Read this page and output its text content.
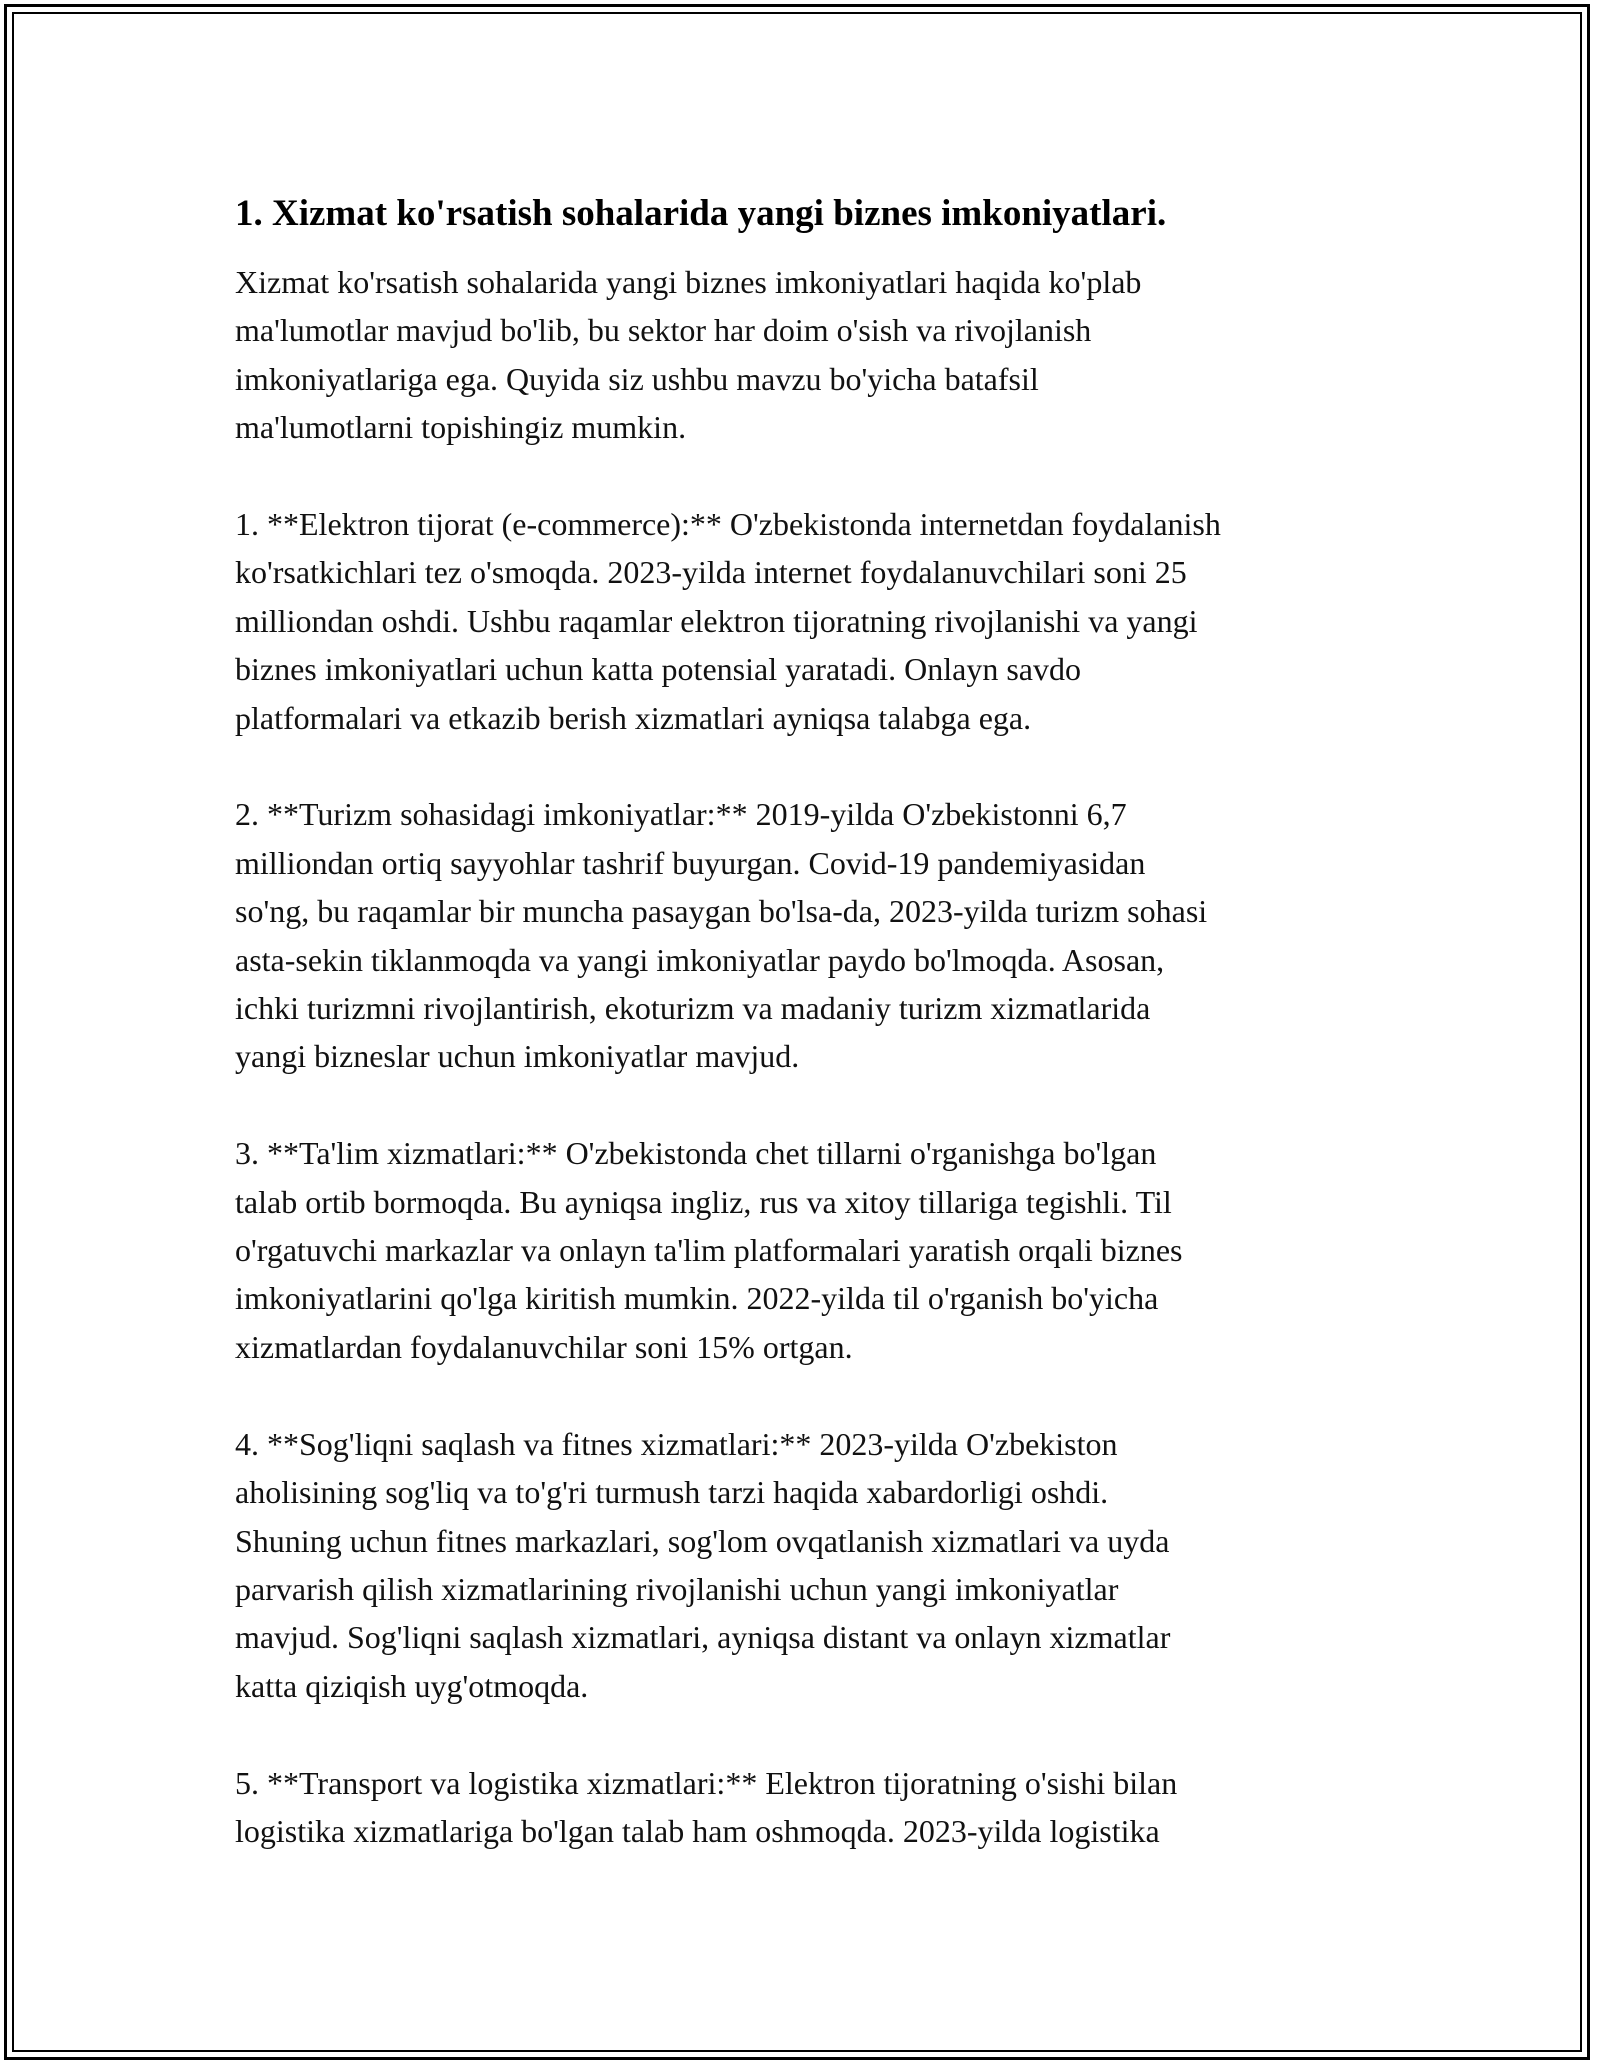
1. Xizmat ko'rsatish sohalarida yangi biznes imkoniyatlari.
Xizmat ko'rsatish sohalarida yangi biznes imkoniyatlari haqida ko'plab
ma'lumotlar mavjud bo'lib, bu sektor har doim o'sish va rivojlanish
imkoniyatlariga ega. Quyida siz ushbu mavzu bo'yicha batafsil
ma'lumotlarni topishingiz mumkin.
1. **Elektron tijorat (e-commerce):** O'zbekistonda internetdan foydalanish
ko'rsatkichlari tez o'smoqda. 2023-yilda internet foydalanuvchilari soni 25
milliondan oshdi. Ushbu raqamlar elektron tijoratning rivojlanishi va yangi
biznes imkoniyatlari uchun katta potensial yaratadi. Onlayn savdo
platformalari va etkazib berish xizmatlari ayniqsa talabga ega.
2. **Turizm sohasidagi imkoniyatlar:** 2019-yilda O'zbekistonni 6,7
milliondan ortiq sayyohlar tashrif buyurgan. Covid-19 pandemiyasidan
so'ng, bu raqamlar bir muncha pasaygan bo'lsa-da, 2023-yilda turizm sohasi
asta-sekin tiklanmoqda va yangi imkoniyatlar paydo bo'lmoqda. Asosan,
ichki turizmni rivojlantirish, ekoturizm va madaniy turizm xizmatlarida
yangi bizneslar uchun imkoniyatlar mavjud.
3. **Ta'lim xizmatlari:** O'zbekistonda chet tillarni o'rganishga bo'lgan
talab ortib bormoqda. Bu ayniqsa ingliz, rus va xitoy tillariga tegishli. Til
o'rgatuvchi markazlar va onlayn ta'lim platformalari yaratish orqali biznes
imkoniyatlarini qo'lga kiritish mumkin. 2022-yilda til o'rganish bo'yicha
xizmatlardan foydalanuvchilar soni 15% ortgan.
4. **Sog'liqni saqlash va fitnes xizmatlari:** 2023-yilda O'zbekiston
aholisining sog'liq va to'g'ri turmush tarzi haqida xabardorligi oshdi.
Shuning uchun fitnes markazlari, sog'lom ovqatlanish xizmatlari va uyda
parvarish qilish xizmatlarining rivojlanishi uchun yangi imkoniyatlar
mavjud. Sog'liqni saqlash xizmatlari, ayniqsa distant va onlayn xizmatlar
katta qiziqish uyg'otmoqda.
5. **Transport va logistika xizmatlari:** Elektron tijoratning o'sishi bilan
logistika xizmatlariga bo'lgan talab ham oshmoqda. 2023-yilda logistika
